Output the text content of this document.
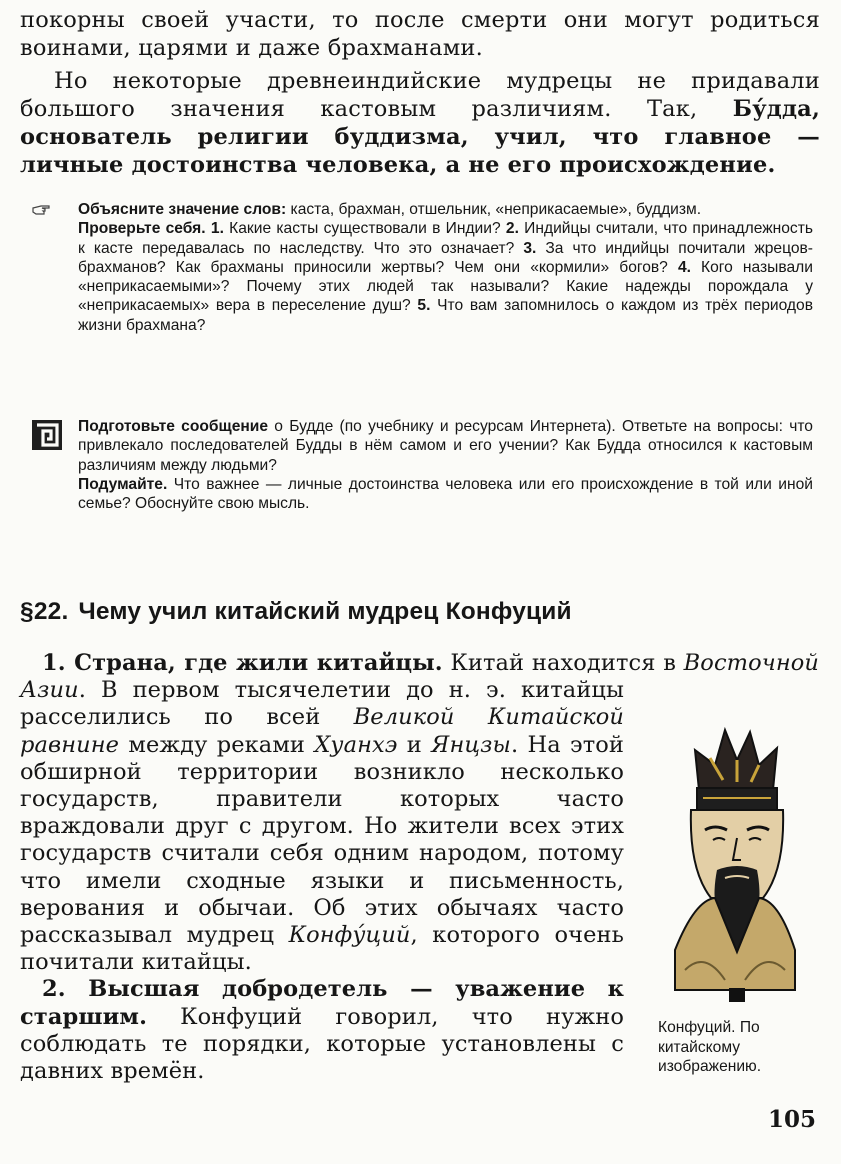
покорны своей участи, то после смерти они могут родиться воинами, царями и даже брахманами.

Но некоторые древнеиндийские мудрецы не придавали большого значения кастовым различиям. Так, Бу́дда, основатель религии буддизма, учил, что главное — личные достоинства человека, а не его происхождение.

Объясните значение слов: каста, брахман, отшельник, «неприкасаемые», буддизм.
Проверьте себя. 1. Какие касты существовали в Индии? 2. Индийцы считали, что принадлежность к касте передавалась по наследству. Что это означает? 3. За что индийцы почитали жрецов-брахманов? Как брахманы приносили жертвы? Чем они «кормили» богов? 4. Кого называли «неприкасаемыми»? Почему этих людей так называли? Какие надежды порождала у «неприкасаемых» вера в переселение душ? 5. Что вам запомнилось о каждом из трёх периодов жизни брахмана?
Подготовьте сообщение о Будде (по учебнику и ресурсам Интернета). Ответьте на вопросы: что привлекало последователей Будды в нём самом и его учении? Как Будда относился к кастовым различиям между людьми?
Подумайте. Что важнее — личные достоинства человека или его происхождение в той или иной семье? Обоснуйте свою мысль.
§22. Чему учил китайский мудрец Конфуций

1. Страна, где жили китайцы. Китай находится в Восточной Азии. В первом тысячелетии до н. э. китайцы расселились по всей Великой Китайской равнине между реками Хуанхэ и Янцзы. На этой обширной территории возникло несколько государств, правители которых часто враждовали друг с другом. Но жители всех этих государств считали себя одним народом, потому что имели сходные языки и письменность, верования и обычаи. Об этих обычаях часто рассказывал мудрец Конфу́ций, которого очень почитали китайцы.

2. Высшая добродетель — уважение к старшим. Конфуций говорил, что нужно соблюдать те порядки, которые установлены с давних времён.

Конфуций. По китайскому изображению.
105
